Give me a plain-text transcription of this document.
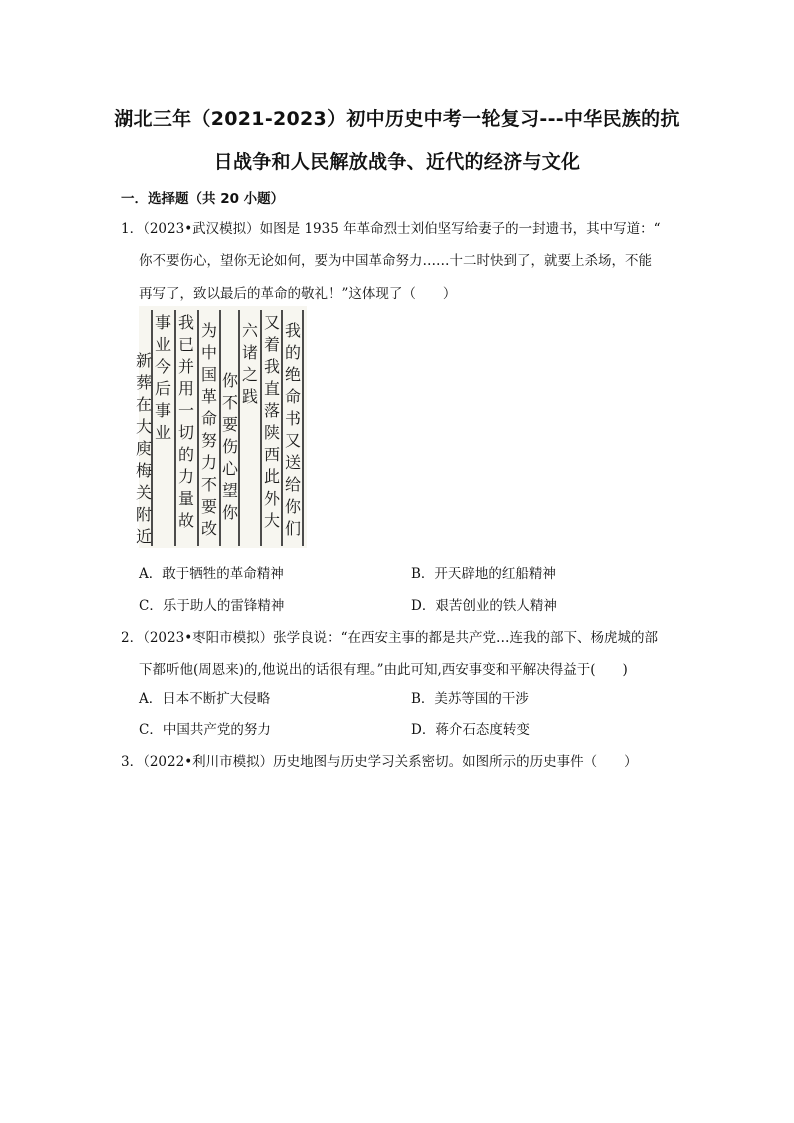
湖北三年（2021-2023）初中历史中考一轮复习---中华民族的抗
日战争和人民解放战争、近代的经济与文化
一．选择题（共 20 小题）
1．（2023•武汉模拟）如图是 1935 年革命烈士刘伯坚写给妻子的一封遗书，其中写道：“
你不要伤心，望你无论如何，要为中国革命努力……十二时快到了，就要上杀场，不能
再写了，致以最后的革命的敬礼！”这体现了（　　）
我
的
绝
命
书
又
送
给
你
们
又
着
我
直
落
陕
西
此
外
大
六
诸
之
践
你
不
要
伤
心
望
你
为
中
国
革
命
努
力
不
要
改
我
已
并
用
一
切
的
力
量
故
事
业
今
后
事
业
新
葬
在
大
庾
梅
关
附
近
A．敢于牺牲的革命精神	B．开天辟地的红船精神
C．乐于助人的雷锋精神	D．艰苦创业的铁人精神
2．（2023•枣阳市模拟）张学良说：“在西安主事的都是共产党…连我的部下、杨虎城的部
下都听他(周恩来)的,他说出的话很有理。”由此可知,西安事变和平解决得益于(　　)
A．日本不断扩大侵略	B．美苏等国的干涉
C．中国共产党的努力	D．蒋介石态度转变
3．（2022•利川市模拟）历史地图与历史学习关系密切。如图所示的历史事件（　　）
